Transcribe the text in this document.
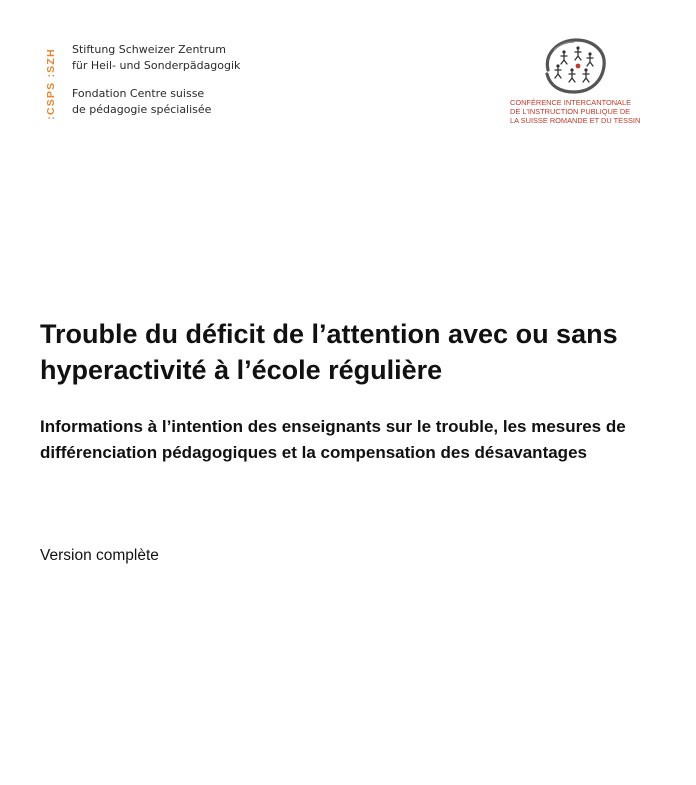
:CSPS :SZH Stiftung Schweizer Zentrum
für Heil- und Sonderpädagogik
Fondation Centre suisse
de pédagogie spécialisée
CONFÉRENCE INTERCANTONALE
DE L'INSTRUCTION PUBLIQUE DE
LA SUISSE ROMANDE ET DU TESSIN
Trouble du déficit de l’attention avec ou sans hyperactivité à l’école régulière

Informations à l’intention des enseignants sur le trouble, les mesures de différenciation pédagogiques et la compensation des désavantages

Version complète
